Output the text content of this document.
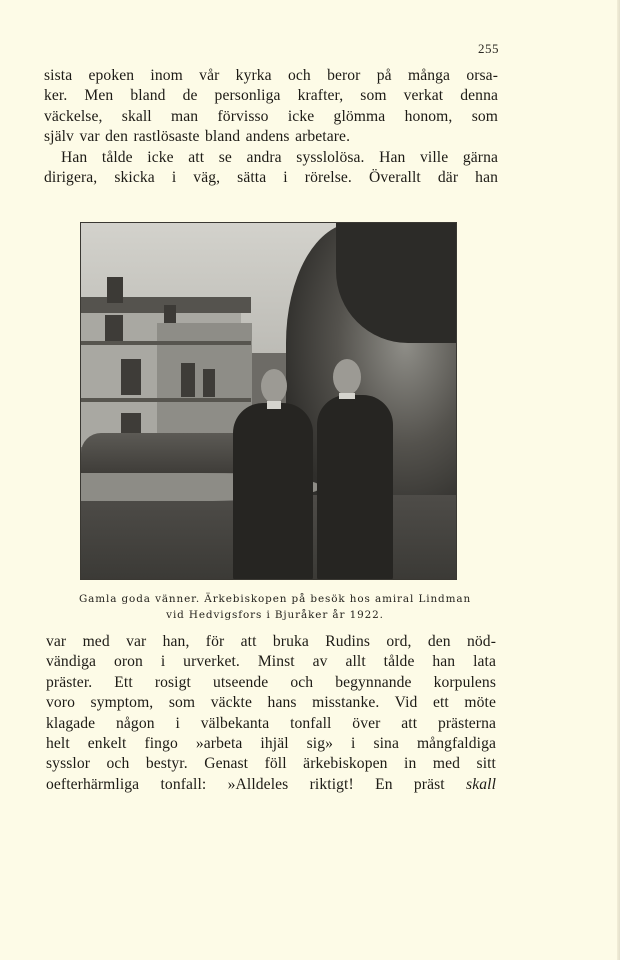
255
sista epoken inom vår kyrka och beror på många orsa-
ker. Men bland de personliga krafter, som verkat denna
väckelse, skall man förvisso icke glömma honom, som
själv var den rastlösaste bland andens arbetare.
Han tålde icke att se andra sysslolösa. Han ville gärna
dirigera, skicka i väg, sätta i rörelse. Överallt där han
Gamla goda vänner. Ärkebiskopen på besök hos amiral Lindman
vid Hedvigsfors i Bjuråker år 1922.
var med var han, för att bruka Rudins ord, den nöd-
vändiga oron i urverket. Minst av allt tålde han lata
präster. Ett rosigt utseende och begynnande korpulens
voro symptom, som väckte hans misstanke. Vid ett möte
klagade någon i välbekanta tonfall över att prästerna
helt enkelt fingo »arbeta ihjäl sig» i sina mångfaldiga
sysslor och bestyr. Genast föll ärkebiskopen in med sitt
oefterhärmliga tonfall: »Alldeles riktigt! En präst skall
